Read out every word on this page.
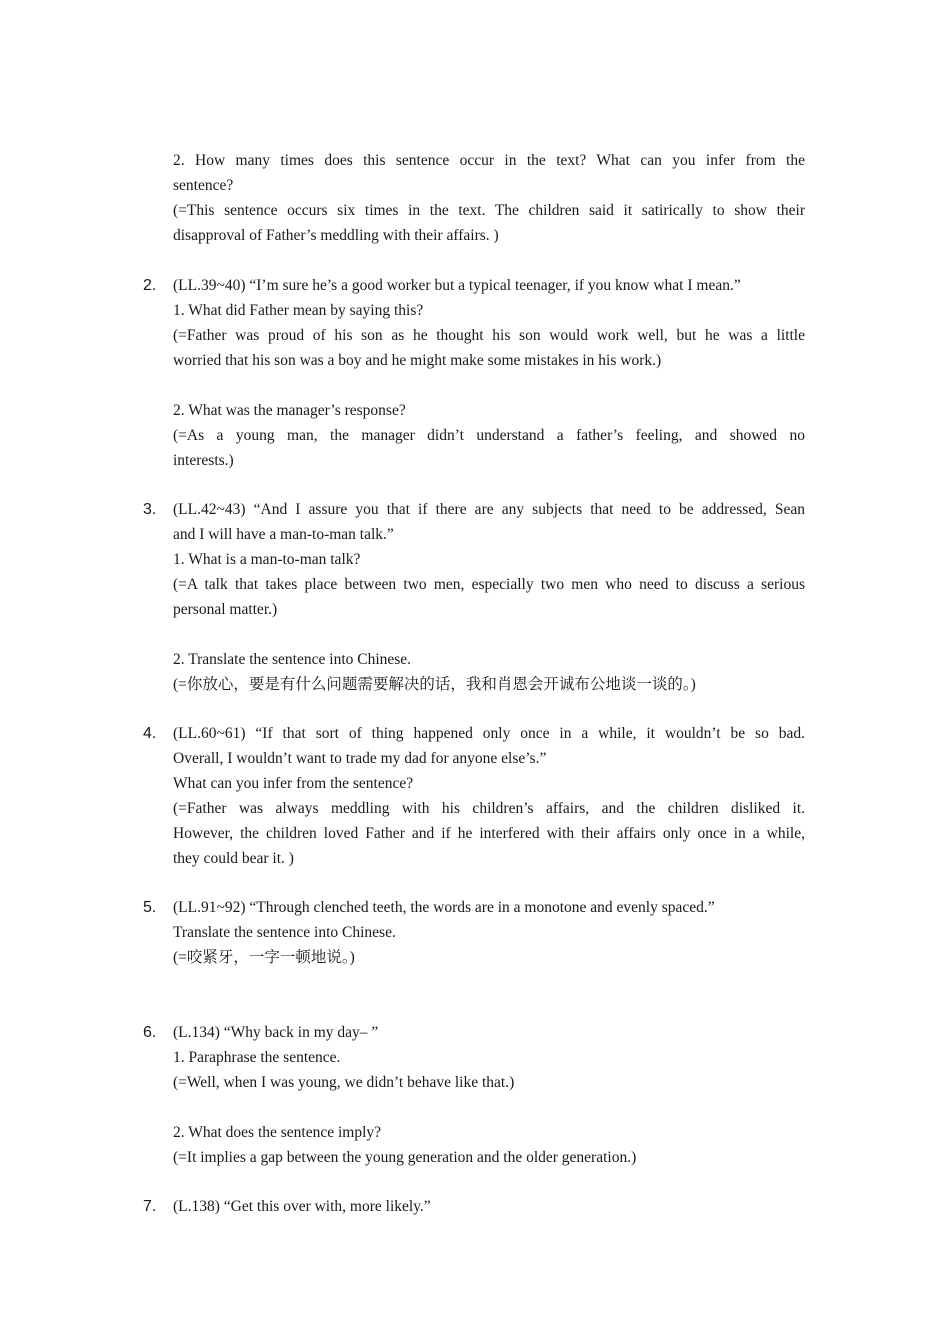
2. How many times does this sentence occur in the text? What can you infer from the
sentence?
(=This sentence occurs six times in the text. The children said it satirically to show their
disapproval of Father’s meddling with their affairs. )
2. (LL.39~40) “I’m sure he’s a good worker but a typical teenager, if you know what I mean.”
1. What did Father mean by saying this?
(=Father was proud of his son as he thought his son would work well, but he was a little
worried that his son was a boy and he might make some mistakes in his work.)
2. What was the manager’s response?
(=As a young man, the manager didn’t understand a father’s feeling, and showed no
interests.)
3. (LL.42~43) “And I assure you that if there are any subjects that need to be addressed, Sean
and I will have a man-to-man talk.”
1. What is a man-to-man talk?
(=A talk that takes place between two men, especially two men who need to discuss a serious
personal matter.)
2. Translate the sentence into Chinese.
(=你放心，要是有什么问题需要解决的话，我和肖恩会开诚布公地谈一谈的。)
4. (LL.60~61) “If that sort of thing happened only once in a while, it wouldn’t be so bad.
Overall, I wouldn’t want to trade my dad for anyone else’s.”
What can you infer from the sentence?
(=Father was always meddling with his children’s affairs, and the children disliked it.
However, the children loved Father and if he interfered with their affairs only once in a while,
they could bear it. )
5. (LL.91~92) “Through clenched teeth, the words are in a monotone and evenly spaced.”
Translate the sentence into Chinese.
(=咬紧牙，一字一顿地说。)
6. (L.134) “Why back in my day– ”
1. Paraphrase the sentence.
(=Well, when I was young, we didn’t behave like that.)
2. What does the sentence imply?
(=It implies a gap between the young generation and the older generation.)
7. (L.138) “Get this over with, more likely.”
